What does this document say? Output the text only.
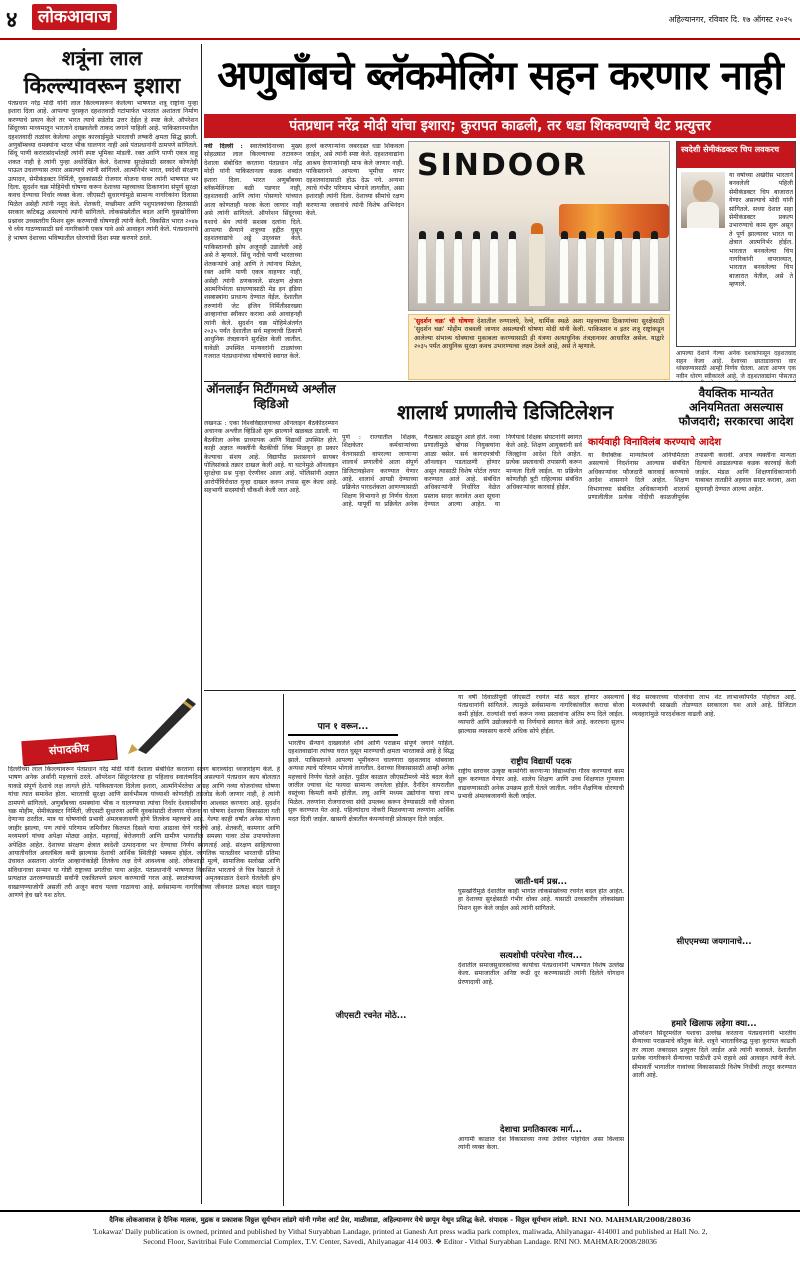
४	लोकआवाज	अहिल्यानगर, रविवार दि. १७ ऑगस्ट २०२५
शत्रूंना लाल
किल्ल्यावरून इशारा
पंतप्रधान नरेंद्र मोदी यांनी लाल किल्ल्यावरून केलेल्या भाषणात शत्रू राष्ट्रांना पुन्हा इशारा दिला आहे. आपल्या पुरस्कृत दहशतवादी गटांमार्फत भारतात अशांतता निर्माण करण्याचे प्रयत्न केले तर भारत त्याचे सडेतोड उत्तर देईल हे स्पष्ट केले. ऑपरेशन सिंदूरच्या माध्यमातून भारताने दाखवलेली ताकद जगाने पाहिली आहे. पाकिस्तानमधील दहशतवादी तळांवर केलेल्या अचूक कारवाईमुळे भारताची लष्करी क्षमता सिद्ध झाली. अणुबॉम्बच्या धमक्यांना भारत भीक घालणार नाही असे पंतप्रधानांनी ठामपणे सांगितले. सिंधू पाणी करारासंदर्भातही त्यांनी स्पष्ट भूमिका मांडली. रक्त आणि पाणी एकत्र वाहू शकत नाही हे त्यांनी पुन्हा अधोरेखित केले. देशाच्या सुरक्षेसाठी सरकार कोणतेही पाऊल उचलण्यास तयार असल्याचे त्यांनी सांगितले. आत्मनिर्भर भारत, स्वदेशी संरक्षण उत्पादन, सेमीकंडक्टर निर्मिती, युवकांसाठी रोजगार योजना यावर त्यांनी भाषणात भर दिला. सुदर्शन चक्र मोहिमेची घोषणा करून देशाच्या महत्त्वाच्या ठिकाणांना संपूर्ण सुरक्षा कवच देण्याचा निर्धार व्यक्त केला. जीएसटी सुधारणांमुळे सामान्य नागरिकांना दिलासा मिळेल असेही त्यांनी नमूद केले. शेतकरी, मच्छीमार आणि पशुपालकांच्या हितासाठी सरकार कटिबद्ध असल्याचे त्यांनी सांगितले. लोकसंख्येतील बदल आणि घुसखोरीच्या प्रश्नावर उच्चस्तरीय मिशन सुरू करण्याची घोषणाही त्यांनी केली. विकसित भारत २०४७ चे ध्येय गाठण्यासाठी सर्व नागरिकांनी एकत्र यावे असे आवाहन त्यांनी केले. पंतप्रधानांचे हे भाषण देशाच्या भविष्यातील धोरणांची दिशा स्पष्ट करणारे ठरले.
अणुबाँबचे ब्लॅकमेलिंग सहन करणार नाही
पंतप्रधान नरेंद्र मोदी यांचा इशारा; कुरापत काढली, तर धडा शिकवण्याचे थेट प्रत्युत्तर
नवी दिल्ली : स्वातंत्र्यदिनाच्या मुख्य सोहळ्यात लाल किल्ल्याच्या तटावरून देशाला संबोधित करताना पंतप्रधान नरेंद्र मोदी यांनी पाकिस्तानला कडक शब्दांत इशारा दिला. भारत अणुबाँबच्या ब्लॅकमेलिंगला बळी पडणार नाही, दहशतवादी आणि त्यांना पोसणारे यांच्यात आता कोणताही फरक केला जाणार नाही असे त्यांनी सांगितले. ऑपरेशन सिंदूरच्या यशाचे श्रेय त्यांनी सशस्त्र दलांना दिले. आपल्या सैन्याने शत्रूच्या हद्दीत घुसून दहशतवाद्यांचे अड्डे उद्ध्वस्त केले. पाकिस्तानची झोप अजूनही उडालेली आहे असे ते म्हणाले. सिंधू नदीचे पाणी भारताच्या शेतकऱ्यांचे आहे आणि ते त्यांनाच मिळेल, रक्त आणि पाणी एकत्र वाहणार नाही, असेही त्यांनी ठणकावले. संरक्षण क्षेत्रात आत्मनिर्भरता साधण्यासाठी मेड इन इंडिया शस्त्रास्त्रांना प्राधान्य देण्यात येईल. देशातील तरुणांनी जेट इंजिन निर्मितीसारख्या आव्हानांचा स्वीकार करावा असे आवाहनही त्यांनी केले. सुदर्शन चक्र मोहिमेअंतर्गत २०३५ पर्यंत देशातील सर्व महत्त्वाची ठिकाणे आधुनिक तंत्रज्ञानाने सुरक्षित केली जातील. यावेळी उपस्थित मान्यवरांनी टाळ्यांच्या गजरात पंतप्रधानांच्या घोषणांचे स्वागत केले.
हल्ले करणाऱ्यांना जबरदस्त धडा शिकवला जाईल, असे त्यांनी स्पष्ट केले. दहशतवाद्यांना आश्रय देणाऱ्यांनाही माफ केले जाणार नाही. पाकिस्तानने आपल्या भूमीचा वापर दहशतवादासाठी होऊ देऊ नये. अन्यथा त्याचे गंभीर परिणाम भोगावे लागतील, असा इशाराही त्यांनी दिला. देशाच्या सीमांचे रक्षण करणाऱ्या जवानांचे त्यांनी विशेष अभिनंदन केले.
SINDOOR
'सुदर्शन चक्र' ची घोषणा देशातील रुग्णालये, रेल्वे, धार्मिक स्थळे अशा महत्त्वाच्या ठिकाणांच्या सुरक्षेसाठी 'सुदर्शन चक्र' मोहीम राबवली जाणार असल्याची घोषणा मोदी यांनी केली. पाकिस्तान व इतर शत्रू राष्ट्रांकडून आलेल्या संभाव्य धोक्याचा मुकाबला करण्यासाठी ही यंत्रणा अत्याधुनिक तंत्रज्ञानावर आधारित असेल. याद्वारे २०३५ पर्यंत आधुनिक सुरक्षा कवच उभारण्याचा लक्ष्य ठेवले आहे, असे ते म्हणाले.
स्वदेशी सेमीकंडक्टर चिप लवकरच
या वर्षाच्या अखेरीस भारताने बनवलेली पहिली सेमीकंडक्टर चिप बाजारात येणार असल्याचे मोदी यांनी सांगितले. सध्या देशात सहा सेमीकंडक्टर प्रकल्प उभारण्याचे काम सुरू असून ते पूर्ण झाल्यावर भारत या क्षेत्रात आत्मनिर्भर होईल. भारतात बनवलेल्या चिप नागरिकांनी वापराव्यात, भारतात बनवलेल्या चिप बाजारात येतील, असे ते म्हणाले.
आपल्या देशाने गेल्या अनेक दशकांपासून दहशतवाद सहन केला आहे. देशाच्या छाताडावरचा वार थांबवण्यासाठी आम्ही निर्णय घेतला. आता आपण एक नवीन धोरण स्वीकारले आहे. जे दहशतवाद्यांना पोसतात
ऑनलाईन मिटींगमध्ये अश्लील व्हिडिओ
लखनऊ : एका विश्वविद्यालयाच्या ऑनलाइन बैठकीदरम्यान अचानक अश्लील व्हिडिओ सुरू झाल्याने खळबळ उडाली. या बैठकीला अनेक प्राध्यापक आणि विद्यार्थी उपस्थित होते. काही अज्ञात व्यक्तींनी बैठकीची लिंक मिळवून हा प्रकार केल्याचा संशय आहे. विद्यापीठ प्रशासनाने सायबर पोलिसांकडे तक्रार दाखल केली आहे. या घटनेमुळे ऑनलाइन सुरक्षेचा प्रश्न पुन्हा ऐरणीवर आला आहे. पोलिसांनी अज्ञात आरोपींविरोधात गुन्हा दाखल करून तपास सुरू केला आहे. सहभागी सदस्यांची चौकशी केली जात आहे.
शालार्थ प्रणालीचे डिजिटिलेशन
पुणे : राज्यातील शिक्षक, शिक्षकेतर कर्मचाऱ्यांच्या वेतनासाठी वापरल्या जाणाऱ्या शालार्थ प्रणालीचे आता संपूर्ण डिजिटायझेशन करण्यात येणार आहे. शालार्थ आयडी देण्याच्या प्रक्रियेत पारदर्शकता आणण्यासाठी शिक्षण विभागाने हा निर्णय घेतला आहे. यापूर्वी या प्रक्रियेत अनेक गैरप्रकार आढळून आले होते. नव्या प्रणालीमुळे बोगस नियुक्त्यांना आळा बसेल. सर्व कागदपत्रांची ऑनलाइन पडताळणी होणार असून त्यासाठी विशेष पोर्टल तयार करण्यात आले आहे. संबंधित अधिकाऱ्यांनी निर्धारित वेळेत प्रस्ताव सादर करावेत अशा सूचना देण्यात आल्या आहेत. या निर्णयाचे शिक्षक संघटनांनी स्वागत केले आहे. शिक्षण आयुक्तांनी सर्व जिल्ह्यांना आदेश दिले आहेत. प्रत्येक प्रस्तावाची तपासणी करून मान्यता दिली जाईल. या प्रक्रियेत कोणतीही त्रुटी राहिल्यास संबंधित अधिकाऱ्यांवर कारवाई होईल.
वैयक्तिक मान्यतेत अनियमितता असल्यास फौजदारी; सरकारचा आदेश
कार्यवाही विनाविलंब करण्याचे आदेश
या वैयक्तिक मान्यतेमध्ये अनियमितता असल्याचे निदर्शनास आल्यास संबंधित अधिकाऱ्यांवर फौजदारी कारवाई करण्याचे आदेश शासनाने दिले आहेत. शिक्षण विभागाच्या संबंधित अधिकाऱ्यांनी शालार्थ प्रणालीतील प्रत्येक नोंदीची काळजीपूर्वक तपासणी करावी. अपात्र व्यक्तींना मान्यता दिल्याचे आढळल्यास कडक कारवाई केली जाईल. मंडळ आणि शिक्षणाधिकाऱ्यांनी याबाबत तातडीने अहवाल सादर करावा, अशा सूचनाही देण्यात आल्या आहेत.
संपादकीय
दिल्लीच्या लाल किल्ल्यावरून पंतप्रधान नरेंद्र मोदी यांनी देशाला संबोधित करताना सलग बाराव्यांदा ध्वजारोहण केले. हे भाषण अनेक अर्थांनी महत्त्वाचे ठरले. ऑपरेशन सिंदूरनंतरचा हा पहिलाच स्वातंत्र्यदिन असल्याने पंतप्रधान काय बोलतात याकडे संपूर्ण देशाचे लक्ष लागले होते. पाकिस्तानला दिलेला इशारा, आत्मनिर्भरतेचा आग्रह आणि नव्या योजनांच्या घोषणा यांचा त्यात समावेश होता. भारताची सुरक्षा आणि सार्वभौमत्व यांच्याशी कोणतीही तडजोड केली जाणार नाही, हे त्यांनी ठामपणे सांगितले. अणुबाँबच्या धमक्यांना भीक न घालण्याचा त्यांचा निर्धार देशवासीयांना आश्वस्त करणारा आहे. सुदर्शन चक्र मोहीम, सेमीकंडक्टर निर्मिती, जीएसटी सुधारणा आणि युवकांसाठी रोजगार योजना या घोषणा देशाच्या विकासाला गती देणाऱ्या ठरतील. मात्र या घोषणांची प्रभावी अंमलबजावणी होणे तितकेच महत्त्वाचे आहे. गेल्या काही वर्षांत अनेक योजना जाहीर झाल्या, पण त्यांचे परिणाम जमिनीवर कितपत दिसले याचा आढावा घेणे गरजेचे आहे. शेतकरी, कामगार आणि मध्यमवर्ग यांच्या अपेक्षा मोठ्या आहेत. महागाई, बेरोजगारी आणि ग्रामीण भागातील समस्या यावर ठोस उपाययोजना अपेक्षित आहेत. देशाच्या संरक्षण क्षेत्रात स्वदेशी उत्पादनावर भर देण्याचा निर्णय स्वागतार्ह आहे. संरक्षण साहित्याच्या आयातीवरील अवलंबित्व कमी झाल्यास देशाची आर्थिक स्थितीही भक्कम होईल. जागतिक पातळीवर भारताची प्रतिमा उंचावत असताना अंतर्गत आव्हानांकडेही तितकेच लक्ष देणे आवश्यक आहे. लोकशाही मूल्ये, सामाजिक सलोखा आणि संविधानाचा सन्मान या गोष्टी राष्ट्राच्या प्रगतीचा पाया आहेत. पंतप्रधानांनी भाषणात विकसित भारताचे जे चित्र रेखाटले ते प्रत्यक्षात उतरवण्यासाठी सर्वांनी एकत्रितपणे प्रयत्न करण्याची गरज आहे. स्वातंत्र्याच्या अमृतकाळात देशाने घेतलेली झेप वाखाणण्याजोगी असली तरी अजून बराच पल्ला गाठायचा आहे. सर्वसामान्य नागरिकांच्या जीवनात प्रत्यक्ष बदल घडवून आणणे हेच खरे यश ठरेल.
पान १ वरून...
भारतीय सैन्याने दाखवलेले शौर्य आणि पराक्रम संपूर्ण जगाने पाहिले. दहशतवाद्यांना त्यांच्या घरात घुसून मारण्याची क्षमता भारताकडे आहे हे सिद्ध झाले. पाकिस्तानने आपल्या भूमीवरून चालणारा दहशतवाद थांबवावा अन्यथा त्याचे परिणाम भोगावे लागतील. देशाच्या विकासासाठी आम्ही अनेक महत्त्वाचे निर्णय घेतले आहेत. पुढील काळात जीएसटीमध्ये मोठे बदल केले जातील ज्याचा थेट फायदा सामान्य जनतेला होईल. दैनंदिन वापरातील वस्तूंच्या किमती कमी होतील. लघु आणि मध्यम उद्योगांना याचा लाभ मिळेल. तरुणांना रोजगाराच्या संधी उपलब्ध करून देण्यासाठी नवी योजना सुरू करण्यात येत आहे. पहिल्यांदाच नोकरी मिळवणाऱ्या तरुणांना आर्थिक मदत दिली जाईल. खासगी क्षेत्रातील कंपन्यांनाही प्रोत्साहन दिले जाईल.
या वर्षी दिवाळीपूर्वी जीएसटी रचनेत मोठे बदल होणार असल्याचे पंतप्रधानांनी सांगितले. त्यामुळे सर्वसामान्य नागरिकांवरील कराचा बोजा कमी होईल. राज्यांशी चर्चा करून नव्या प्रस्तावांना अंतिम रूप दिले जाईल. व्यापारी आणि उद्योजकांनी या निर्णयाचे स्वागत केले आहे. कररचना सुलभ झाल्यास व्यवसाय करणे अधिक सोपे होईल.
राष्ट्रीय विद्यार्थी पदक
राष्ट्रीय स्तरावर उत्कृष्ट कामगिरी करणाऱ्या विद्यार्थ्यांचा गौरव करण्याचे काम सुरू करण्यात येणार आहे. शालेय शिक्षण आणि उच्च शिक्षणात गुणवत्ता वाढवण्यासाठी अनेक उपक्रम हाती घेतले जातील. नवीन शैक्षणिक धोरणाची प्रभावी अंमलबजावणी केली जाईल.
जाती-धर्म प्रश्न...
घुसखोरीमुळे देशातील काही भागांत लोकसंख्येच्या रचनेत बदल होत आहेत. हा देशाच्या सुरक्षेसाठी गंभीर धोका आहे. यासाठी उच्चस्तरीय लोकसंख्या मिशन सुरू केले जाईल असे त्यांनी सांगितले.
सत्यशोधी परंपरेचा गौरव...
देशातील समाजसुधारकांच्या कार्याचा पंतप्रधानांनी भाषणात विशेष उल्लेख केला. समाजातील अनिष्ट रूढी दूर करण्यासाठी त्यांनी दिलेले योगदान प्रेरणादायी आहे.
देशाचा प्रगतिकारक मार्ग...
आगामी काळात देश विकासाच्या नव्या उंचीवर पोहोचेल असा विश्वास त्यांनी व्यक्त केला.
जीएसटी रचनेत मोठे...
केंद्र सरकारच्या योजनांचा लाभ थेट लाभार्थ्यांपर्यंत पोहोचत आहे. मध्यस्थांची साखळी तोडण्यात सरकारला यश आले आहे. डिजिटल व्यवहारांमुळे पारदर्शकता वाढली आहे.
सीएएमच्या जयगानाचे...
हमारे खिलाफ लड़ेगा क्या...
ऑपरेशन सिंदूरमधील यशाचा उल्लेख करताना पंतप्रधानांनी भारतीय सैन्याच्या पराक्रमाचे कौतुक केले. शत्रूने भारताविरुद्ध पुन्हा कुरापत काढली तर त्याला जबरदस्त प्रत्युत्तर दिले जाईल असे त्यांनी बजावले. देशातील प्रत्येक नागरिकाने सैन्याच्या पाठीशी उभे राहावे असे आवाहन त्यांनी केले. सीमावर्ती भागातील गावांच्या विकासासाठी विशेष निधीची तरतूद करण्यात आली आहे.
दैनिक लोकआवाज हे दैनिक मालक, मुद्रक व प्रकाशक विठ्ठल सूर्यभान लांडगे यांनी गणेश आर्ट प्रेस, माळीवाडा, अहिल्यानगर येथे छापून येथून प्रसिद्ध केले. संपादक - विठ्ठल सूर्यभान लांडगे. RNI NO. MAHMAR/2008/28036
'Lokawaz' Daily publication is owned, printed and published by Vithal Suryabhan Landage, printed at Ganesh Art press wadia park complex, maliwada, Ahilyanagar- 414001 and published at Hall No. 2,
Second Floor, Savitribai Fule Commercial Complex, T.V. Center, Savedi, Ahilyanagar 414 003. ❖ Editor - Vithal Suryabhan Landage. RNI NO. MAHMAR/2008/28036
